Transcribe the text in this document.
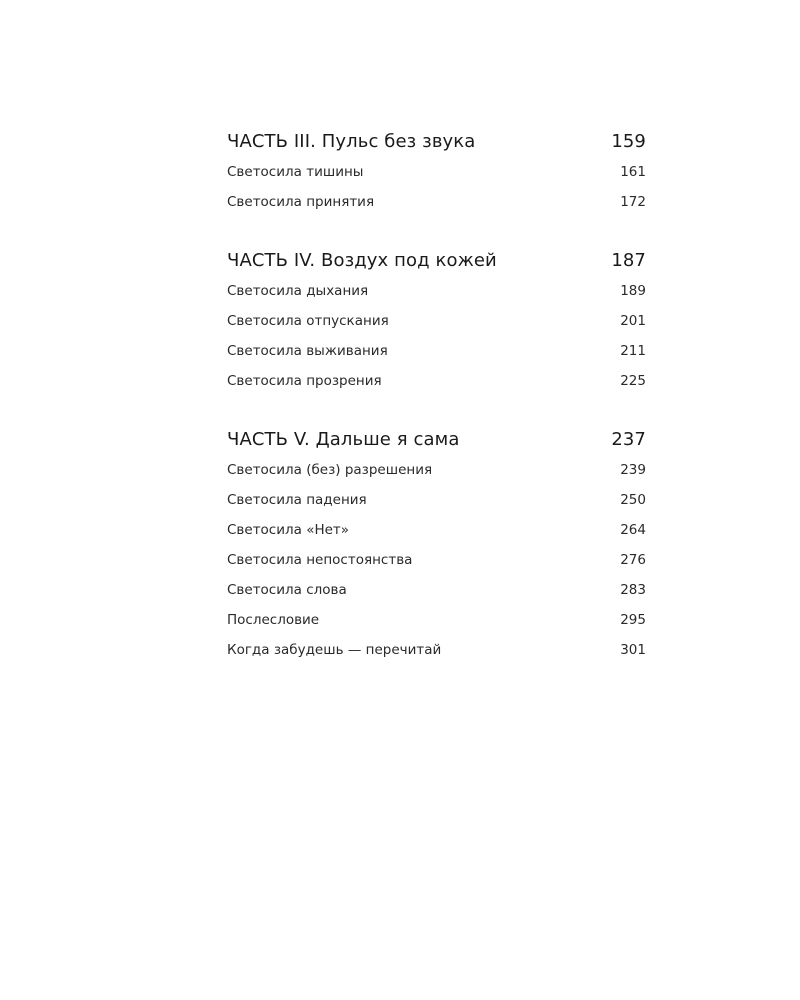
ЧАСТЬ III. Пульс без звука	159
Светосила тишины	161
Светосила принятия	172
ЧАСТЬ IV. Воздух под кожей	187
Светосила дыхания	189
Светосила отпускания	201
Светосила выживания	211
Светосила прозрения	225
ЧАСТЬ V. Дальше я сама	237
Светосила (без) разрешения	239
Светосила падения	250
Светосила «Нет»	264
Светосила непостоянства	276
Светосила слова	283
Послесловие	295
Когда забудешь — перечитай	301
